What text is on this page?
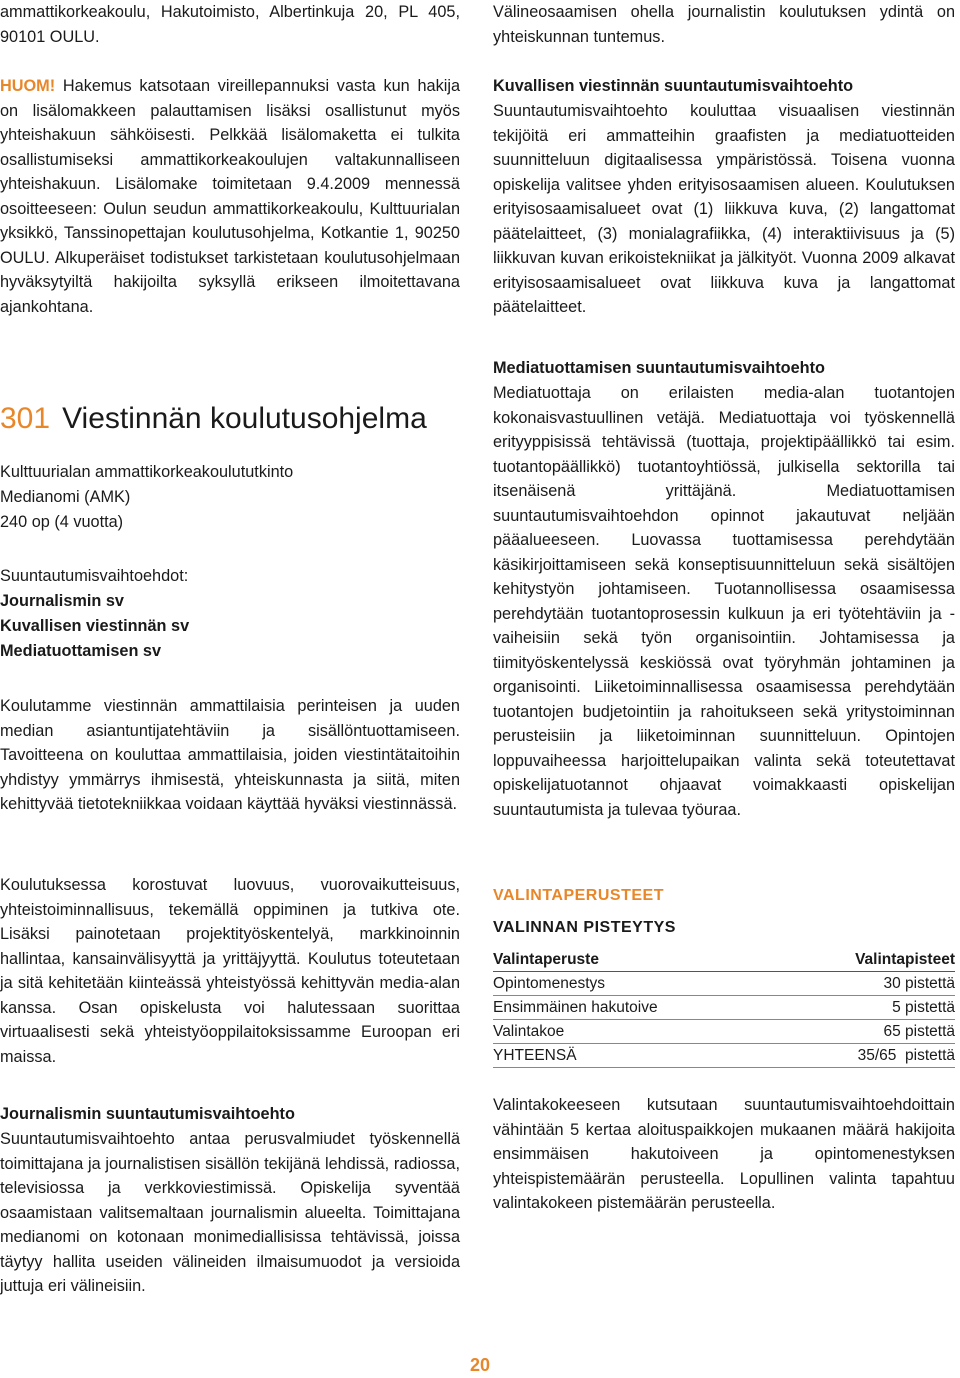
ammattikorkeakoulu, Hakutoimisto, Albertinkuja 20, PL 405, 90101 OULU.

HUOM! Hakemus katsotaan vireillepannuksi vasta kun hakija on lisälomakkeen palauttamisen lisäksi osallistunut myös yhteishakuun sähköisesti. Pelkkää lisälomaketta ei tulkita osallistumiseksi ammattikorkeakoulujen valtakunnalliseen yhteishakuun. Lisälomake toimitetaan 9.4.2009 mennessä osoitteeseen: Oulun seudun ammattikorkeakoulu, Kulttuurialan yksikkö, Tanssinopettajan koulutusohjelma, Kotkantie 1, 90250 OULU. Alkuperäiset todistukset tarkistetaan koulutusohjelmaan hyväksytyiltä hakijoilta syksyllä erikseen ilmoitettavana ajankohtana.

301 Viestinnän koulutusohjelma

Kulttuurialan ammattikorkeakoulututkinto

Medianomi (AMK)

240 op (4 vuotta)

Suuntautumisvaihtoehdot:

Journalismin sv

Kuvallisen viestinnän sv

Mediatuottamisen sv

Koulutamme viestinnän ammattilaisia perinteisen ja uuden median asiantuntijatehtäviin ja sisällöntuottamiseen. Tavoitteena on kouluttaa ammattilaisia, joiden viestintätaitoihin yhdistyy ymmärrys ihmisestä, yhteiskunnasta ja siitä, miten kehittyvää tietotekniikkaa voidaan käyttää hyväksi viestinnässä.

Koulutuksessa korostuvat luovuus, vuorovaikutteisuus, yhteistoiminnallisuus, tekemällä oppiminen ja tutkiva ote. Lisäksi painotetaan projektityöskentelyä, markkinoinnin hallintaa, kansainvälisyyttä ja yrittäjyyttä. Koulutus toteutetaan ja sitä kehitetään kiinteässä yhteistyössä kehittyvän media-alan kanssa. Osan opiskelusta voi halutessaan suorittaa virtuaalisesti sekä yhteistyöoppilaitoksissamme Euroopan eri maissa.

Journalismin suuntautumisvaihtoehto

Suuntautumisvaihtoehto antaa perusvalmiudet työskennellä toimittajana ja journalistisen sisällön tekijänä lehdissä, radiossa, televisiossa ja verkkoviestimissä. Opiskelija syventää osaamistaan valitsemaltaan journalismin alueelta. Toimittajana medianomi on kotonaan monimediallisissa tehtävissä, joissa täytyy hallita useiden välineiden ilmaisumuodot ja versioida juttuja eri välineisiin.

Välineosaamisen ohella journalistin koulutuksen ydintä on yhteiskunnan tuntemus.

Kuvallisen viestinnän suuntautumisvaihtoehto

Suuntautumisvaihtoehto kouluttaa visuaalisen viestinnän tekijöitä eri ammatteihin graafisten ja mediatuotteiden suunnitteluun digitaalisessa ympäristössä. Toisena vuonna opiskelija valitsee yhden erityisosaamisen alueen. Koulutuksen erityisosaamisalueet ovat (1) liikkuva kuva, (2) langattomat päätelaitteet, (3) monialagrafiikka, (4) interaktiivisuus ja (5) liikkuvan kuvan erikoistekniikat ja jälkityöt. Vuonna 2009 alkavat erityisosaamisalueet ovat liikkuva kuva ja langattomat päätelaitteet.

Mediatuottamisen suuntautumisvaihtoehto

Mediatuottaja on erilaisten media-alan tuotantojen kokonaisvastuullinen vetäjä. Mediatuottaja voi työskennellä erityyppisissä tehtävissä (tuottaja, projektipäällikkö tai esim. tuotantopäällikkö) tuotantoyhtiössä, julkisella sektorilla tai itsenäisenä yrittäjänä. Mediatuottamisen suuntautumisvaihtoehdon opinnot jakautuvat neljään pääalueeseen. Luovassa tuottamisessa perehdytään käsikirjoittamiseen sekä konseptisuunnitteluun sekä sisältöjen kehitystyön johtamiseen. Tuotannollisessa osaamisessa perehdytään tuotantoprosessin kulkuun ja eri työtehtäviin ja -vaiheisiin sekä työn organisointiin. Johtamisessa ja tiimityöskentelyssä keskiössä ovat työryhmän johtaminen ja organisointi. Liiketoiminnallisessa osaamisessa perehdytään tuotantojen budjetointiin ja rahoitukseen sekä yritystoiminnan perusteisiin ja liiketoiminnan suunnitteluun. Opintojen loppuvaiheessa harjoittelupaikan valinta sekä toteutettavat opiskelijatuotannot ohjaavat voimakkaasti opiskelijan suuntautumista ja tulevaa työuraa.

VALINTAPERUSTEET

VALINNAN PISTEYTYS

Valintaperuste	Valintapisteet
Opintomenestys	30 pistettä
Ensimmäinen hakutoive	5 pistettä
Valintakoe	65 pistettä
YHTEENSÄ	35/65  pistettä

Valintakokeeseen kutsutaan suuntautumisvaihtoehdoittain vähintään 5 kertaa aloituspaikkojen mukaanen määrä hakijoita ensimmäisen hakutoiveen ja opintomenestyksen yhteispistemäärän perusteella. Lopullinen valinta tapahtuu valintakokeen pistemäärän perusteella.

20
